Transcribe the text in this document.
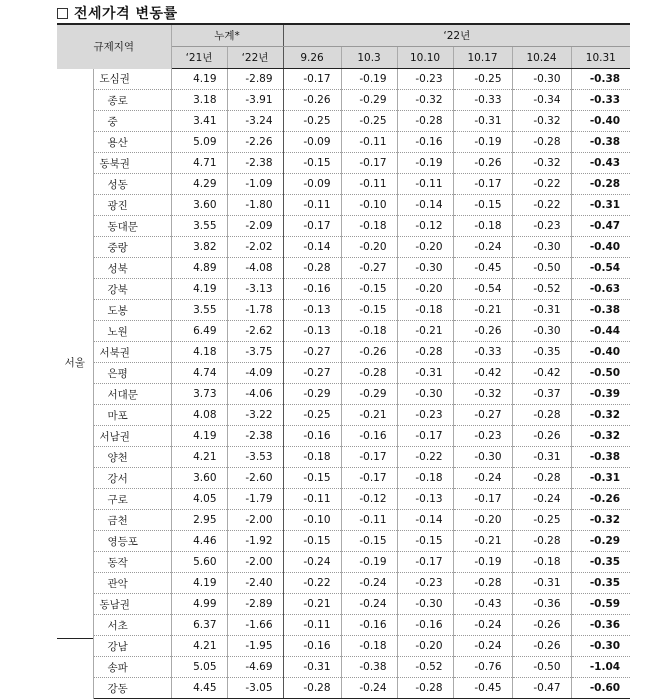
전세가격 변동률
규제지역		누계*		‘22년					
		‘21년	‘22년	9.26	10.3	10.10	10.17	10.24	10.31
서울	도심권	4.19	-2.89	-0.17	-0.19	-0.23	-0.25	-0.30	-0.38
	종로	3.18	-3.91	-0.26	-0.29	-0.32	-0.33	-0.34	-0.33
	중	3.41	-3.24	-0.25	-0.25	-0.28	-0.31	-0.32	-0.40
	용산	5.09	-2.26	-0.09	-0.11	-0.16	-0.19	-0.28	-0.38
	동북권	4.71	-2.38	-0.15	-0.17	-0.19	-0.26	-0.32	-0.43
	성동	4.29	-1.09	-0.09	-0.11	-0.11	-0.17	-0.22	-0.28
	광진	3.60	-1.80	-0.11	-0.10	-0.14	-0.15	-0.22	-0.31
	동대문	3.55	-2.09	-0.17	-0.18	-0.12	-0.18	-0.23	-0.47
	중랑	3.82	-2.02	-0.14	-0.20	-0.20	-0.24	-0.30	-0.40
	성북	4.89	-4.08	-0.28	-0.27	-0.30	-0.45	-0.50	-0.54
	강북	4.19	-3.13	-0.16	-0.15	-0.20	-0.54	-0.52	-0.63
	도봉	3.55	-1.78	-0.13	-0.15	-0.18	-0.21	-0.31	-0.38
	노원	6.49	-2.62	-0.13	-0.18	-0.21	-0.26	-0.30	-0.44
	서북권	4.18	-3.75	-0.27	-0.26	-0.28	-0.33	-0.35	-0.40
	은평	4.74	-4.09	-0.27	-0.28	-0.31	-0.42	-0.42	-0.50
	서대문	3.73	-4.06	-0.29	-0.29	-0.30	-0.32	-0.37	-0.39
	마포	4.08	-3.22	-0.25	-0.21	-0.23	-0.27	-0.28	-0.32
	서남권	4.19	-2.38	-0.16	-0.16	-0.17	-0.23	-0.26	-0.32
	양천	4.21	-3.53	-0.18	-0.17	-0.22	-0.30	-0.31	-0.38
	강서	3.60	-2.60	-0.15	-0.17	-0.18	-0.24	-0.28	-0.31
	구로	4.05	-1.79	-0.11	-0.12	-0.13	-0.17	-0.24	-0.26
	금천	2.95	-2.00	-0.10	-0.11	-0.14	-0.20	-0.25	-0.32
	영등포	4.46	-1.92	-0.15	-0.15	-0.15	-0.21	-0.28	-0.29
	동작	5.60	-2.00	-0.24	-0.19	-0.17	-0.19	-0.18	-0.35
	관악	4.19	-2.40	-0.22	-0.24	-0.23	-0.28	-0.31	-0.35
	동남권	4.99	-2.89	-0.21	-0.24	-0.30	-0.43	-0.36	-0.59
	서초	6.37	-1.66	-0.11	-0.16	-0.16	-0.24	-0.26	-0.36
	강남	4.21	-1.95	-0.16	-0.18	-0.20	-0.24	-0.26	-0.30
	송파	5.05	-4.69	-0.31	-0.38	-0.52	-0.76	-0.50	-1.04
	강동	4.45	-3.05	-0.28	-0.24	-0.28	-0.45	-0.47	-0.60
